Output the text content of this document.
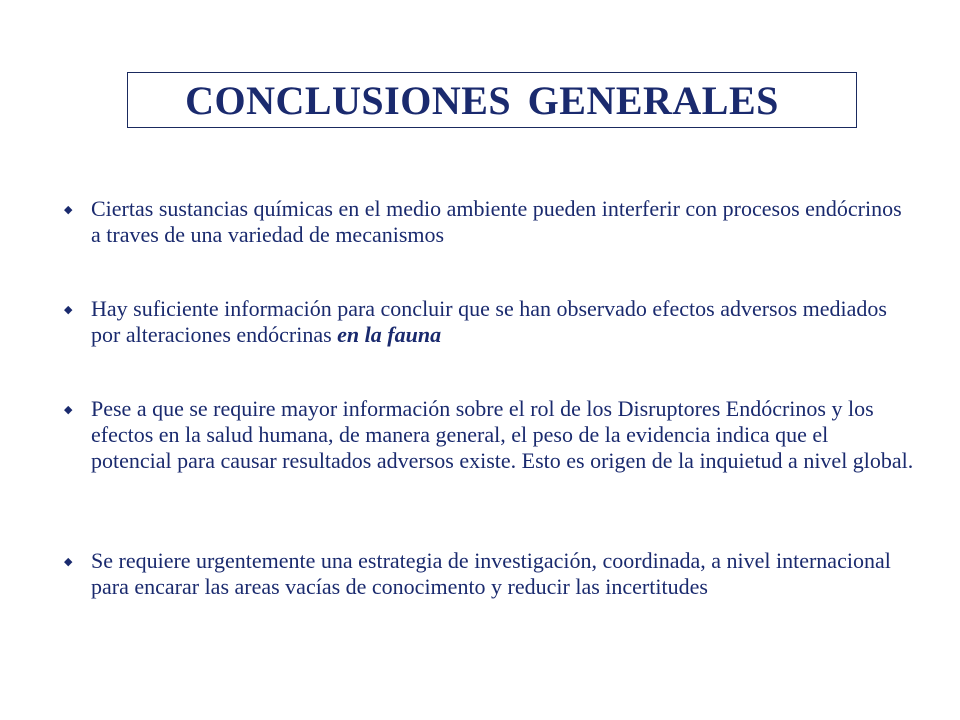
CONCLUSIONES GENERALES
◆ Ciertas sustancias químicas en el medio ambiente pueden interferir con procesos endócrinos a traves de una variedad de mecanismos
◆ Hay suficiente información para concluir que se han observado efectos adversos mediados por alteraciones endócrinas en la fauna
◆ Pese a que se require mayor información sobre el rol de los Disruptores Endócrinos y los efectos en la salud humana, de manera general, el peso de la evidencia indica que el potencial para causar resultados adversos existe. Esto es origen de la inquietud a nivel global.
◆ Se requiere urgentemente una estrategia de investigación, coordinada, a nivel internacional para encarar las areas vacías de conocimento y reducir las incertitudes
